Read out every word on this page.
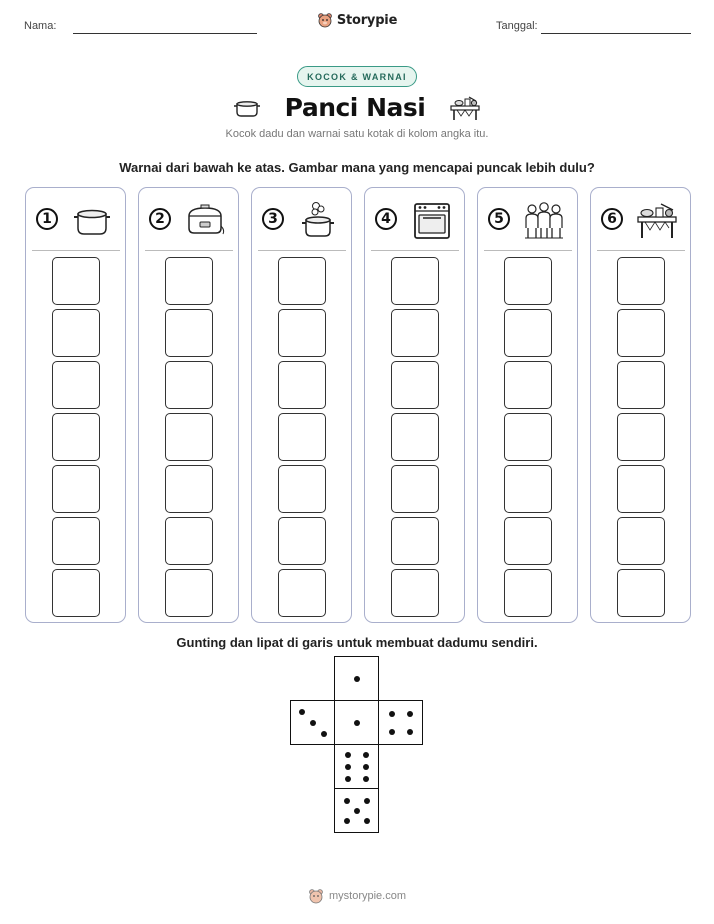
Nama:	Storypie	Tanggal:
KOCOK & WARNAI
Panci Nasi
Kocok dadu dan warnai satu kotak di kolom angka itu.
Warnai dari bawah ke atas. Gambar mana yang mencapai puncak lebih dulu?
1	2	3	4	5	6
Gunting dan lipat di garis untuk membuat dadumu sendiri.
mystorypie.com
